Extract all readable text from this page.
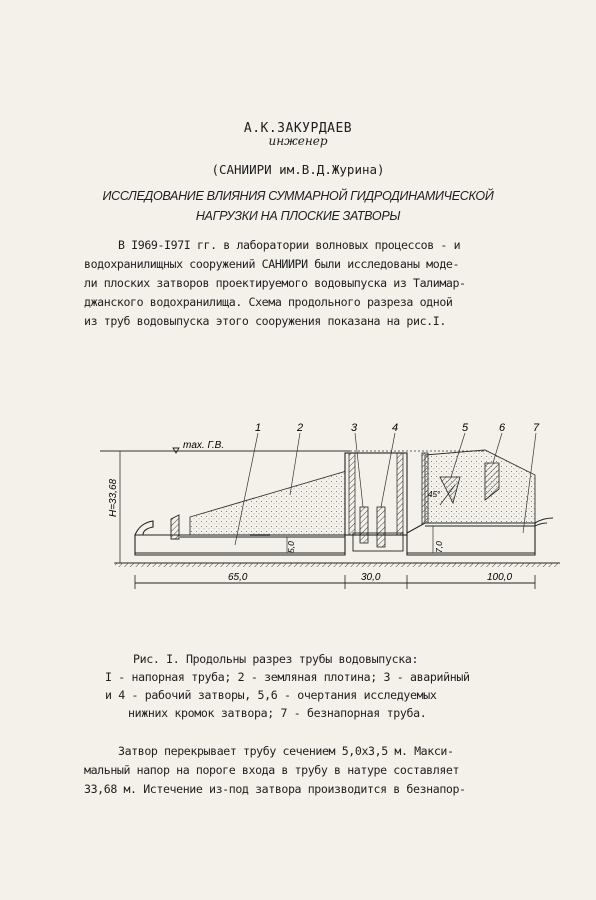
А.К.ЗАКУРДАЕВ
инженер
(САНИИРИ им.В.Д.Журина)
ИССЛЕДОВАНИЕ ВЛИЯНИЯ СУММАРНОЙ ГИДРОДИНАМИЧЕСКОЙ
НАГРУЗКИ НА ПЛОСКИЕ ЗАТВОРЫ
В I969-I97I гг. в лаборатории волновых процессов - и
водохранилищных сооружений САНИИРИ были исследованы моде-
ли плоских затворов проектируемого водовыпуска из Талимар-
джанского водохранилища. Схема продольного разреза одной
из труб водовыпуска этого сооружения показана на рис.I.
max. Г.В.
H=33,68	45°
5,0	7,0
65,0	30,0	100,0
1	2	3	4	5	6	7
Рис. I. Продольны разрез трубы водовыпуска:
I - напорная труба; 2 - земляная плотина; 3 - аварийный
и 4 - рабочий затворы, 5,6 - очертания исследуемых
нижних кромок затвора; 7 - безнапорная труба.
Затвор перекрывает трубу сечением 5,0х3,5 м. Макси-
мальный напор на пороге входа в трубу в натуре составляет
33,68 м. Истечение из-под затвора производится в безнапор-
